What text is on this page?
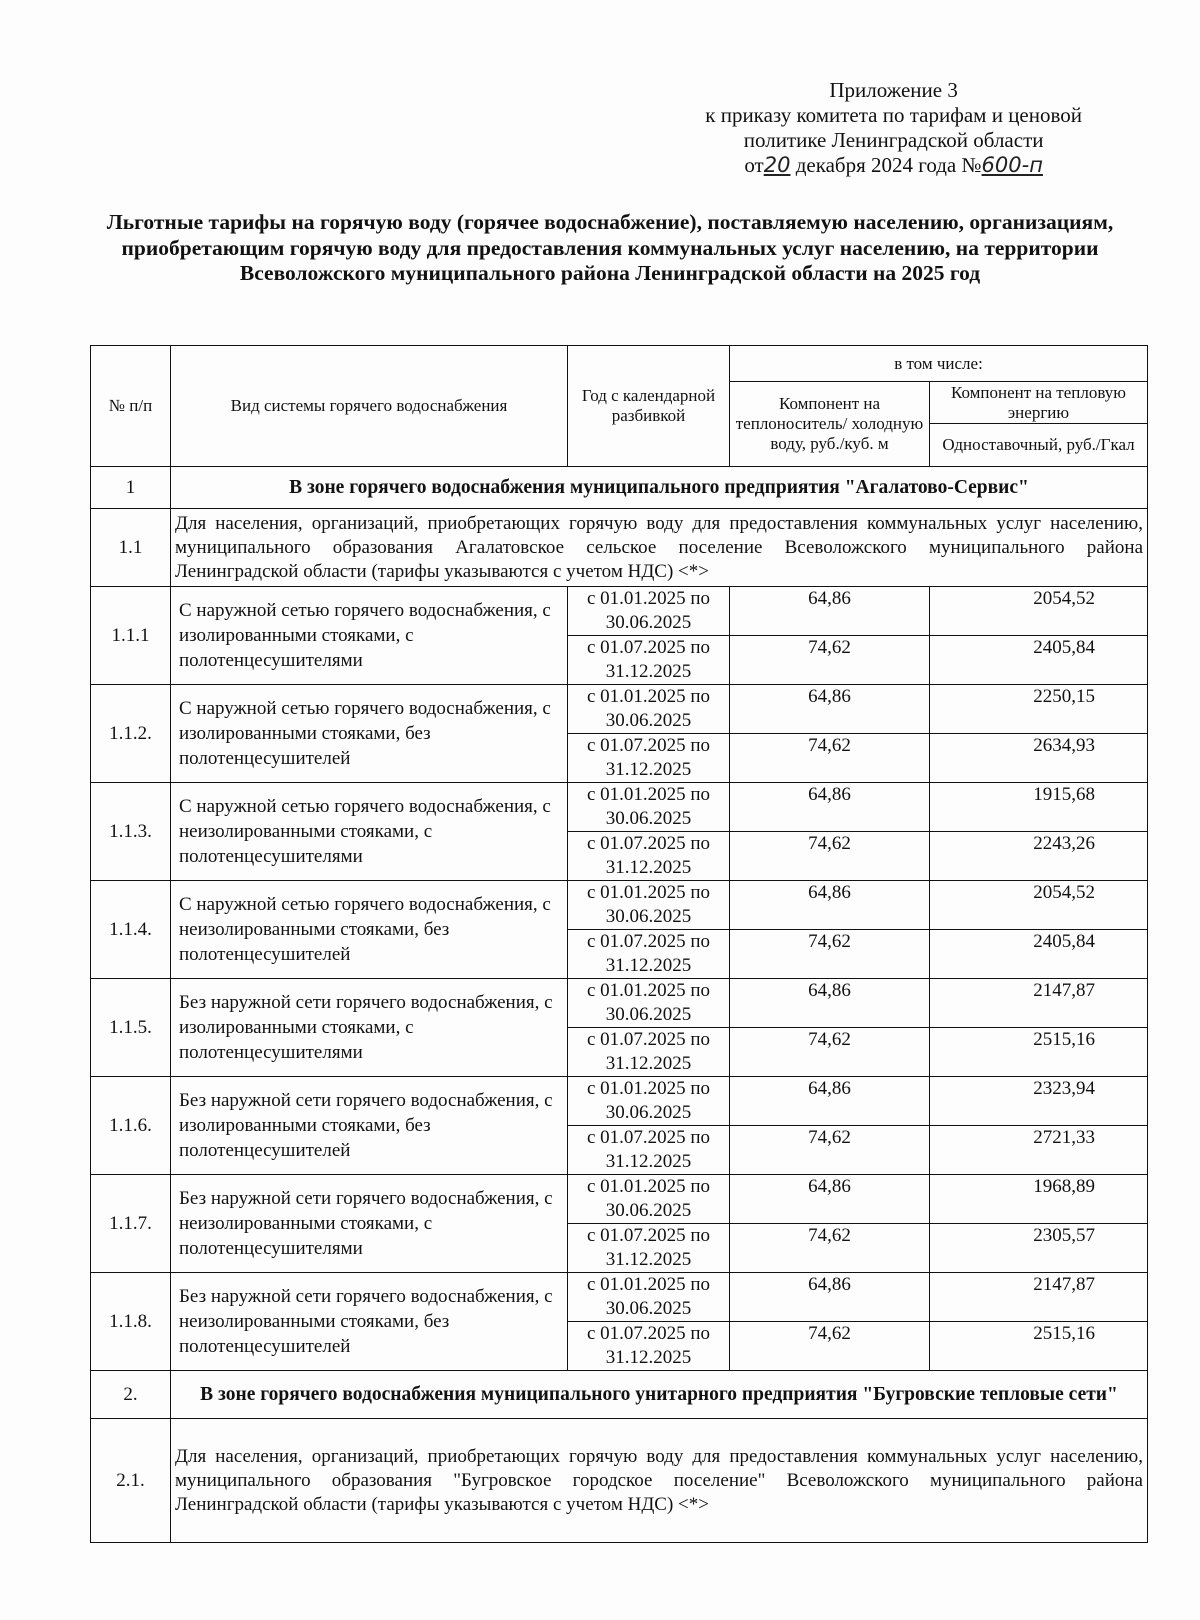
Приложение 3
к приказу комитета по тарифам и ценовой
политике Ленинградской области
от20 декабря 2024 года №600-п
Льготные тарифы на горячую воду (горячее водоснабжение), поставляемую населению, организациям, приобретающим горячую воду для предоставления коммунальных услуг населению, на территории Всеволожского муниципального района Ленинградской области на 2025 год
№ п/п	Вид системы горячего водоснабжения	Год с календарной разбивкой	в том числе:	
			Компонент на теплоноситель/ холодную воду, руб./куб. м	Компонент на тепловую энергию
				Одноставочный, руб./Гкал
1	В зоне горячего водоснабжения муниципального предприятия "Агалатово-Сервис"			
1.1	Для населения, организаций, приобретающих горячую воду для предоставления коммунальных услуг населению, муниципального образования Агалатовское сельское поселение Всеволожского муниципального района Ленинградской области (тарифы указываются с учетом НДС) <*>			
1.1.1	С наружной сетью горячего водоснабжения, с изолированными стояками, с полотенцесушителями	с 01.01.2025 по 30.06.2025	64,86	2054,52
		с 01.07.2025 по 31.12.2025	74,62	2405,84
1.1.2.	С наружной сетью горячего водоснабжения, с изолированными стояками, без полотенцесушителей	с 01.01.2025 по 30.06.2025	64,86	2250,15
		с 01.07.2025 по 31.12.2025	74,62	2634,93
1.1.3.	С наружной сетью горячего водоснабжения, с неизолированными стояками, с полотенцесушителями	с 01.01.2025 по 30.06.2025	64,86	1915,68
		с 01.07.2025 по 31.12.2025	74,62	2243,26
1.1.4.	С наружной сетью горячего водоснабжения, с неизолированными стояками, без полотенцесушителей	с 01.01.2025 по 30.06.2025	64,86	2054,52
		с 01.07.2025 по 31.12.2025	74,62	2405,84
1.1.5.	Без наружной сети горячего водоснабжения, с изолированными стояками, с полотенцесушителями	с 01.01.2025 по 30.06.2025	64,86	2147,87
		с 01.07.2025 по 31.12.2025	74,62	2515,16
1.1.6.	Без наружной сети горячего водоснабжения, с изолированными стояками, без полотенцесушителей	с 01.01.2025 по 30.06.2025	64,86	2323,94
		с 01.07.2025 по 31.12.2025	74,62	2721,33
1.1.7.	Без наружной сети горячего водоснабжения, с неизолированными стояками, с полотенцесушителями	с 01.01.2025 по 30.06.2025	64,86	1968,89
		с 01.07.2025 по 31.12.2025	74,62	2305,57
1.1.8.	Без наружной сети горячего водоснабжения, с неизолированными стояками, без полотенцесушителей	с 01.01.2025 по 30.06.2025	64,86	2147,87
		с 01.07.2025 по 31.12.2025	74,62	2515,16
2.	В зоне горячего водоснабжения муниципального унитарного предприятия "Бугровские тепловые сети"			
2.1.	Для населения, организаций, приобретающих горячую воду для предоставления коммунальных услуг населению, муниципального образования "Бугровское городское поселение" Всеволожского муниципального района Ленинградской области (тарифы указываются с учетом НДС) <*>			
